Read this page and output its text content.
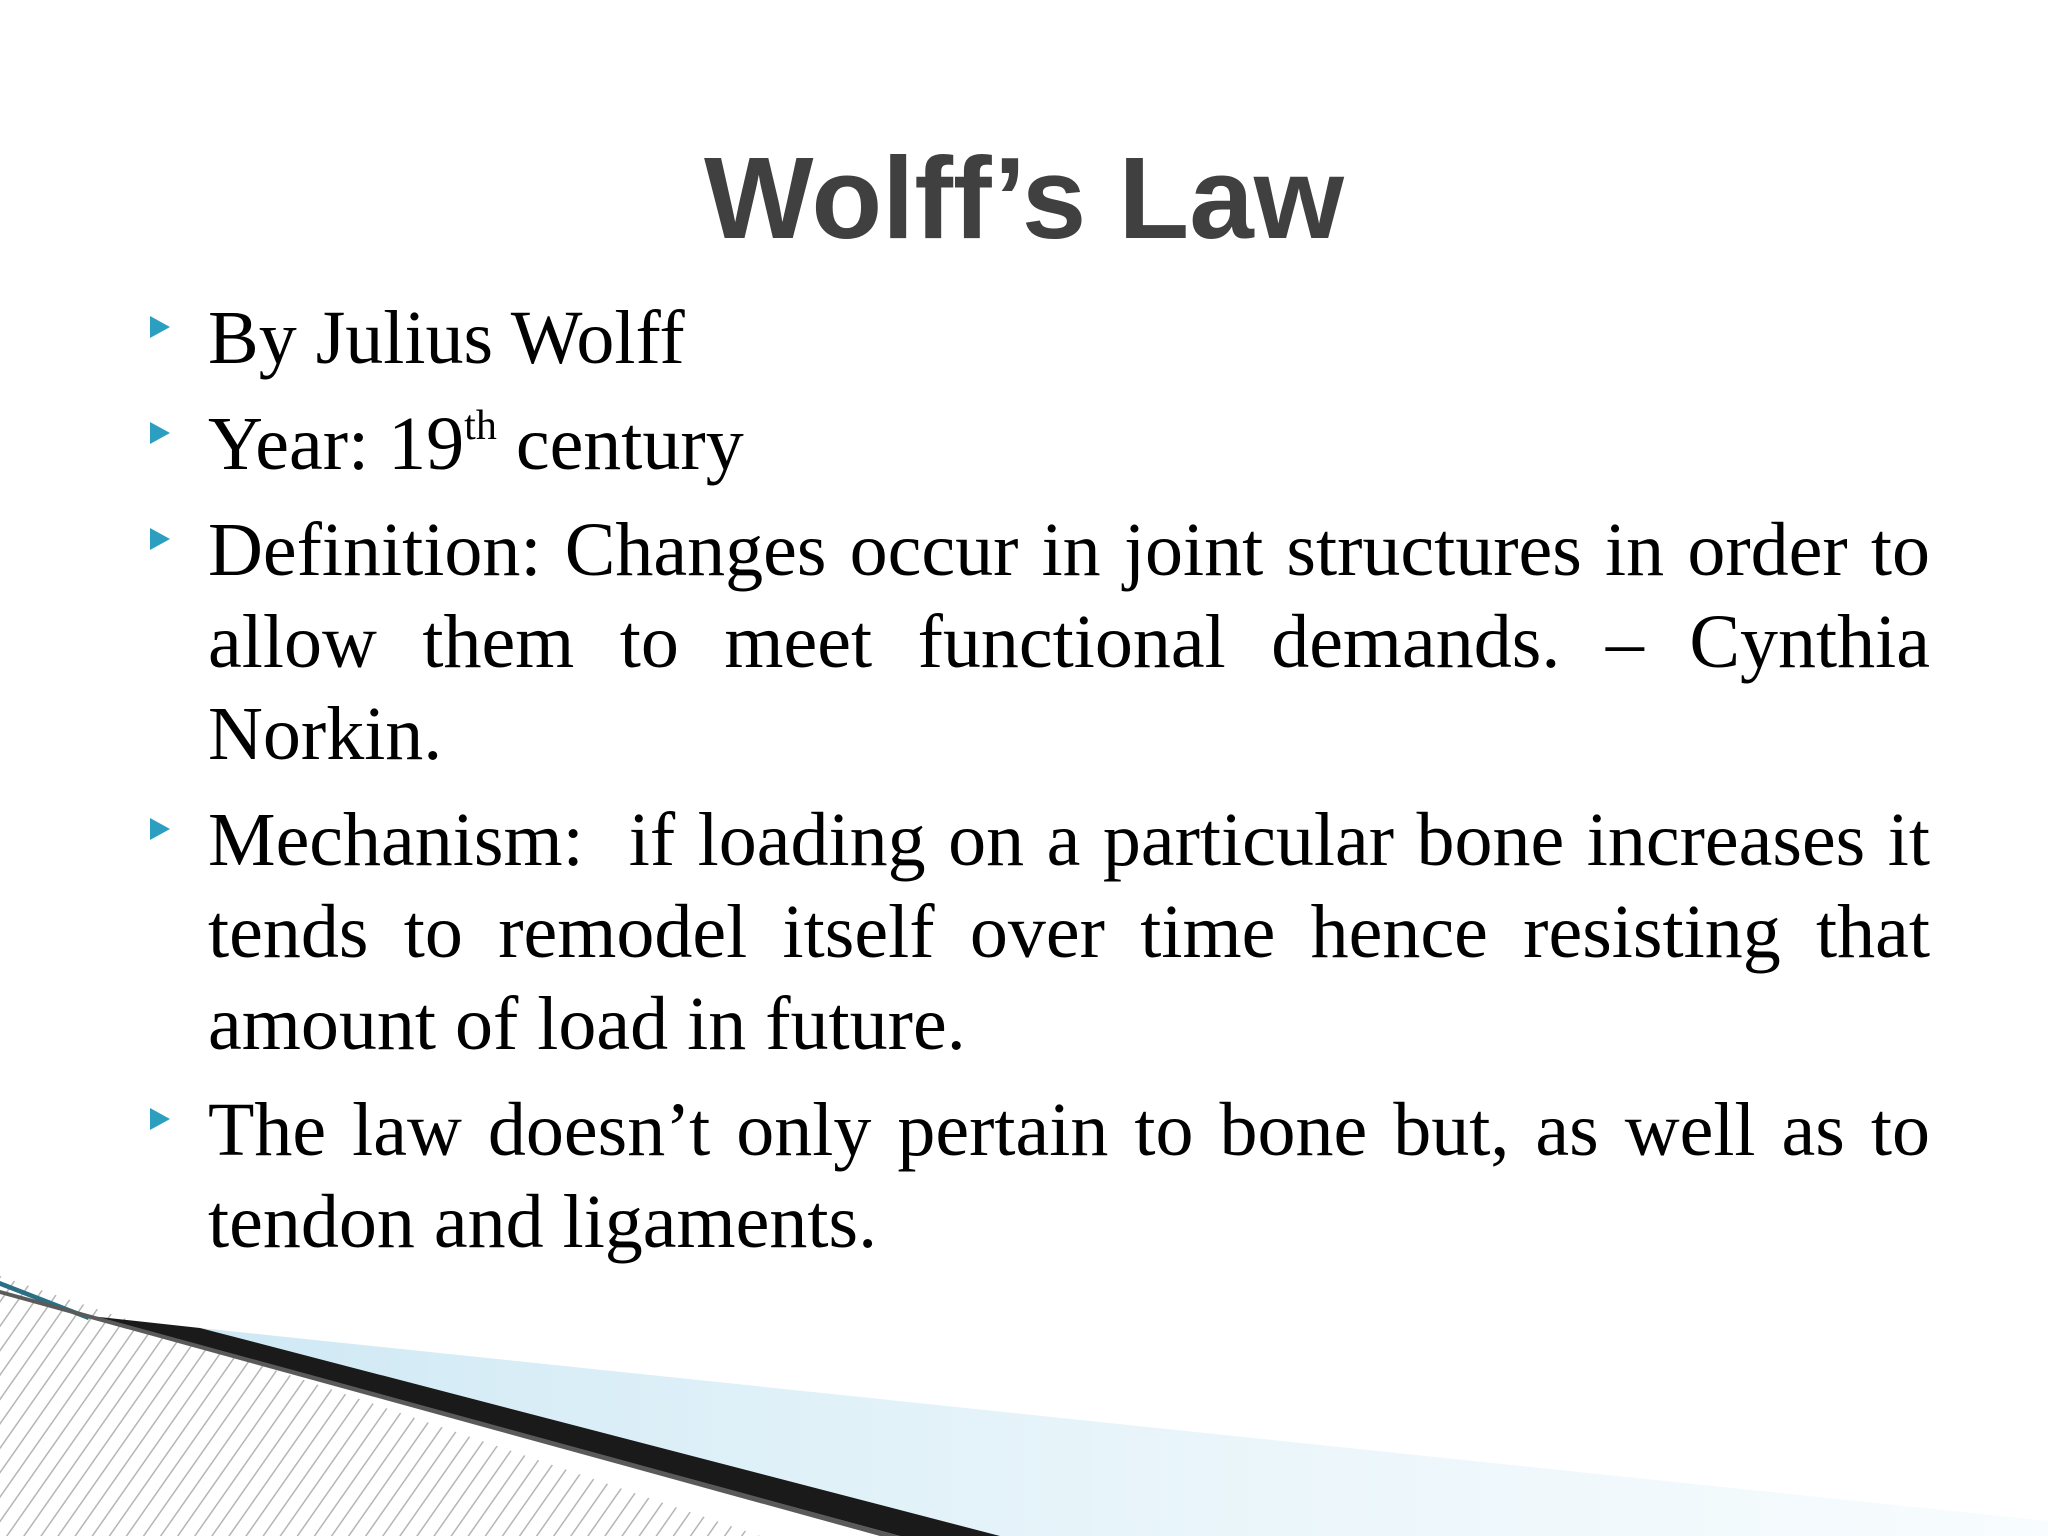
Wolff’s Law
By Julius Wolff
Year: 19th century
Definition: Changes occur in joint structures in order to allow them to meet functional demands. – Cynthia Norkin.
Mechanism:  if loading on a particular bone increases it tends to remodel itself over time hence resisting that amount of load in future.
The law doesn’t only pertain to bone but, as well as to tendon and ligaments.
